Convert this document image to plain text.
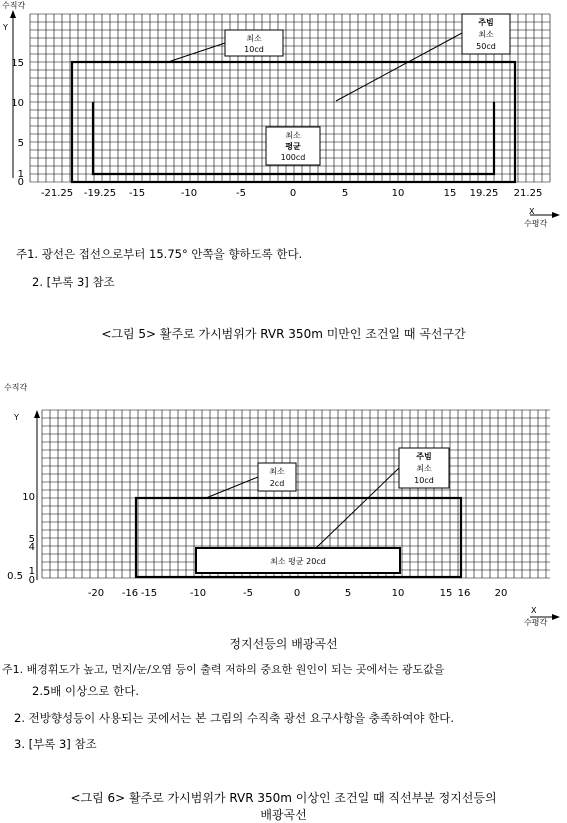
수직각
Y
X
수평각
-21.25 -19.25 -15	-10	-5	0	5	10	15 19.25 21.25
15
10
5
1
0
최소
10cd
주빔
최소
50cd
최소
평균
100cd
주1. 광선은 접선으로부터 15.75° 안쪽을 향하도록 한다.
2. [부록 3] 참조
<그림 5> 활주로 가시범위가 RVR 350m 미만인 조건일 때 곡선구간
수직각
Y
X
수평각
-20 -16 -15	-10	-5	0	5	10	15 16 20
10
5
4
1
0.5 0
최소 평균 20cd
최소
2cd
주빔
최소
10cd
정지선등의 배광곡선
주1. 배경휘도가 높고, 먼지/눈/오염 등이 출력 저하의 중요한 원인이 되는 곳에서는 광도값을
2.5배 이상으로 한다.
2. 전방향성등이 사용되는 곳에서는 본 그림의 수직축 광선 요구사항을 충족하여야 한다.
3. [부록 3] 참조
<그림 6> 활주로 가시범위가 RVR 350m 이상인 조건일 때 직선부분 정지선등의
배광곡선
